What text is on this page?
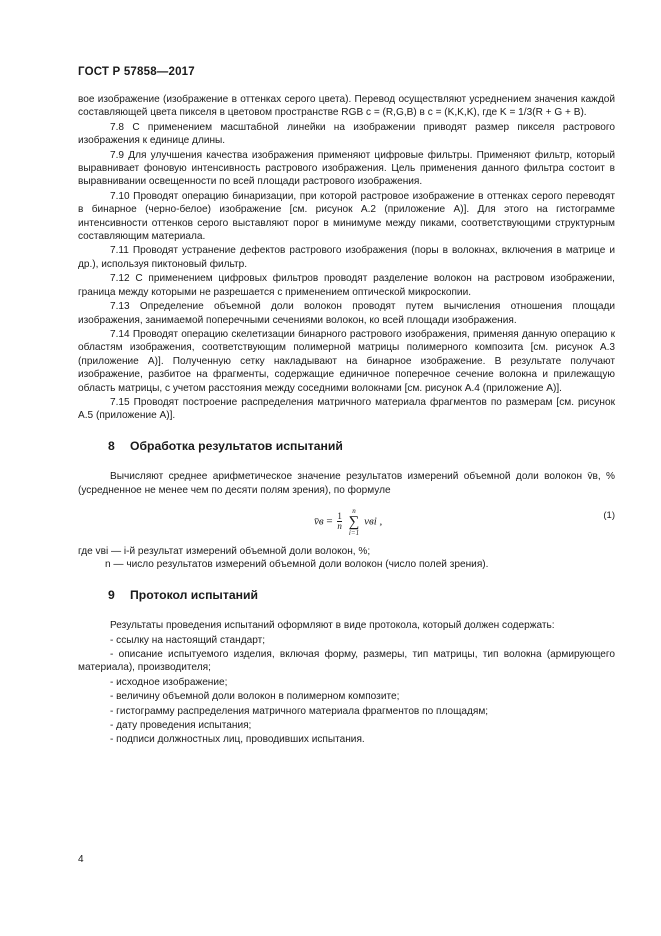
ГОСТ Р 57858—2017

вое изображение (изображение в оттенках серого цвета). Перевод осуществляют усреднением значения каждой составляющей цвета пикселя в цветовом пространстве RGB c = (R,G,B) в c = (K,K,K), где K = 1/3(R + G + B).

7.8 С применением масштабной линейки на изображении приводят размер пикселя растрового изображения к единице длины.

7.9 Для улучшения качества изображения применяют цифровые фильтры. Применяют фильтр, который выравнивает фоновую интенсивность растрового изображения. Цель применения данного фильтра состоит в выравнивании освещенности по всей площади растрового изображения.

7.10 Проводят операцию бинаризации, при которой растровое изображение в оттенках серого переводят в бинарное (черно-белое) изображение [см. рисунок А.2 (приложение А)]. Для этого на гистограмме интенсивности оттенков серого выставляют порог в минимуме между пиками, соответствующими структурным составляющим материала.

7.11 Проводят устранение дефектов растрового изображения (поры в волокнах, включения в матрице и др.), используя пиктоновый фильтр.

7.12 С применением цифровых фильтров проводят разделение волокон на растровом изображении, граница между которыми не разрешается с применением оптической микроскопии.

7.13 Определение объемной доли волокон проводят путем вычисления отношения площади изображения, занимаемой поперечными сечениями волокон, ко всей площади изображения.

7.14 Проводят операцию скелетизации бинарного растрового изображения, применяя данную операцию к областям изображения, соответствующим полимерной матрицы полимерного композита [см. рисунок А.3 (приложение А)]. Полученную сетку накладывают на бинарное изображение. В результате получают изображение, разбитое на фрагменты, содержащие единичное поперечное сечение волокна и прилежащую область матрицы, с учетом расстояния между соседними волокнами [см. рисунок А.4 (приложение А)].

7.15 Проводят построение распределения матричного материала фрагментов по размерам [см. рисунок А.5 (приложение А)].

8 Обработка результатов испытаний

Вычисляют среднее арифметическое значение результатов измерений объемной доли волокон v̄в, % (усредненное не менее чем по десяти полям зрения), по формуле

v̄в = $\frac{1}{n}$

n
∑
i=1
vвi ,
(1)

где vвi — i-й результат измерений объемной доли волокон, %;

n — число результатов измерений объемной доли волокон (число полей зрения).

9 Протокол испытаний

Результаты проведения испытаний оформляют в виде протокола, который должен содержать:

- ссылку на настоящий стандарт;

- описание испытуемого изделия, включая форму, размеры, тип матрицы, тип волокна (армирующего материала), производителя;

- исходное изображение;

- величину объемной доли волокон в полимерном композите;

- гистограмму распределения матричного материала фрагментов по площадям;

- дату проведения испытания;

- подписи должностных лиц, проводивших испытания.

4
